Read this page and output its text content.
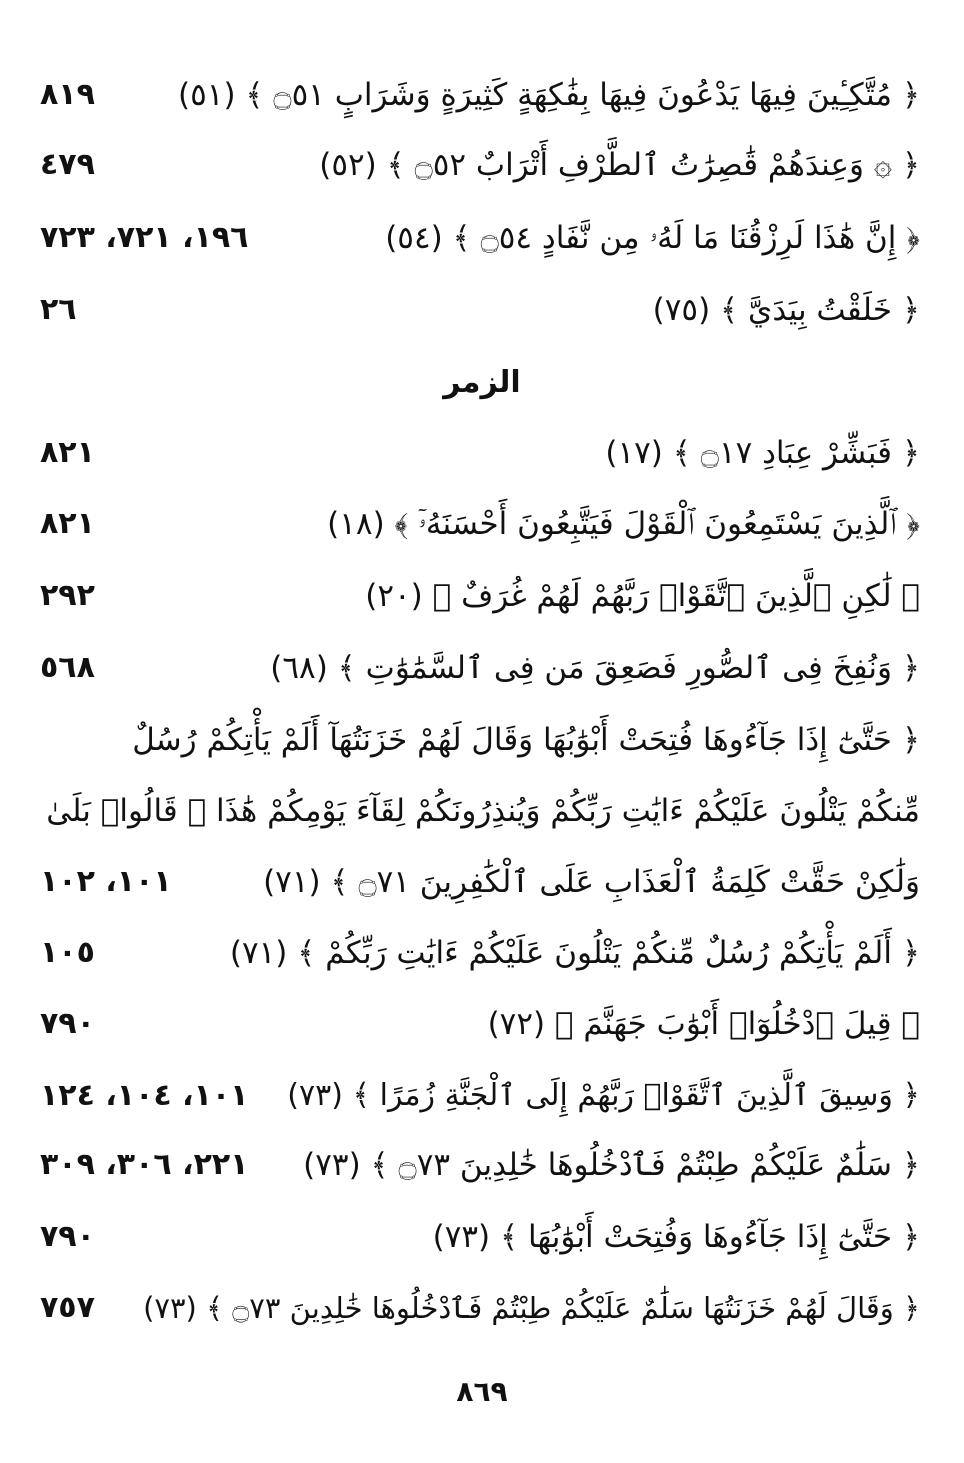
﴿ مُتَّكِـِٔينَ فِيهَا يَدْعُونَ فِيهَا بِفَٰكِهَةٍ كَثِيرَةٍ وَشَرَابٍ ۝٥١ ﴾ (٥١)
٨١٩
﴿ ۞ وَعِندَهُمْ قَٰصِرَٰتُ ٱلطَّرْفِ أَتْرَابٌ ۝٥٢ ﴾ (٥٢)
٤٧٩
﴿ إِنَّ هَٰذَا لَرِزْقُنَا مَا لَهُۥ مِن نَّفَادٍ ۝٥٤ ﴾ (٥٤)
١٩٦، ٧٢١، ٧٢٣
﴿ خَلَقْتُ بِيَدَيَّ ﴾ (٧٥)
٢٦
الزمر
﴿ فَبَشِّرْ عِبَادِ ۝١٧ ﴾ (١٧)
٨٢١
﴿ ٱلَّذِينَ يَسْتَمِعُونَ ٱلْقَوْلَ فَيَتَّبِعُونَ أَحْسَنَهُۥٓ ﴾ (١٨)
٨٢١
﴿ لَٰكِنِ ٱلَّذِينَ ٱتَّقَوْا۟ رَبَّهُمْ لَهُمْ غُرَفٌ ﴾ (٢٠)
٢٩٢
﴿ وَنُفِخَ فِى ٱلصُّورِ فَصَعِقَ مَن فِى ٱلسَّمَٰوَٰتِ ﴾ (٦٨)
٥٦٨
﴿ حَتَّىٰٓ إِذَا جَآءُوهَا فُتِحَتْ أَبْوَٰبُهَا وَقَالَ لَهُمْ خَزَنَتُهَآ أَلَمْ يَأْتِكُمْ رُسُلٌ
مِّنكُمْ يَتْلُونَ عَلَيْكُمْ ءَايَٰتِ رَبِّكُمْ وَيُنذِرُونَكُمْ لِقَآءَ يَوْمِكُمْ هَٰذَا ۚ قَالُوا۟ بَلَىٰ
وَلَٰكِنْ حَقَّتْ كَلِمَةُ ٱلْعَذَابِ عَلَى ٱلْكَٰفِرِينَ ۝٧١ ﴾ (٧١)
١٠١، ١٠٢
﴿ أَلَمْ يَأْتِكُمْ رُسُلٌ مِّنكُمْ يَتْلُونَ عَلَيْكُمْ ءَايَٰتِ رَبِّكُمْ ﴾ (٧١)
١٠٥
﴿ قِيلَ ٱدْخُلُوٓا۟ أَبْوَٰبَ جَهَنَّمَ ﴾ (٧٢)
٧٩٠
﴿ وَسِيقَ ٱلَّذِينَ ٱتَّقَوْا۟ رَبَّهُمْ إِلَى ٱلْجَنَّةِ زُمَرًا ﴾ (٧٣)
١٠١، ١٠٤، ١٢٤
﴿ سَلَٰمٌ عَلَيْكُمْ طِبْتُمْ فَٱدْخُلُوهَا خَٰلِدِينَ ۝٧٣ ﴾ (٧٣)
٢٢١، ٣٠٦، ٣٠٩
﴿ حَتَّىٰٓ إِذَا جَآءُوهَا وَفُتِحَتْ أَبْوَٰبُهَا ﴾ (٧٣)
٧٩٠
﴿ وَقَالَ لَهُمْ خَزَنَتُهَا سَلَٰمٌ عَلَيْكُمْ طِبْتُمْ فَٱدْخُلُوهَا خَٰلِدِينَ ۝٧٣ ﴾ (٧٣)
٧٥٧
٨٦٩
